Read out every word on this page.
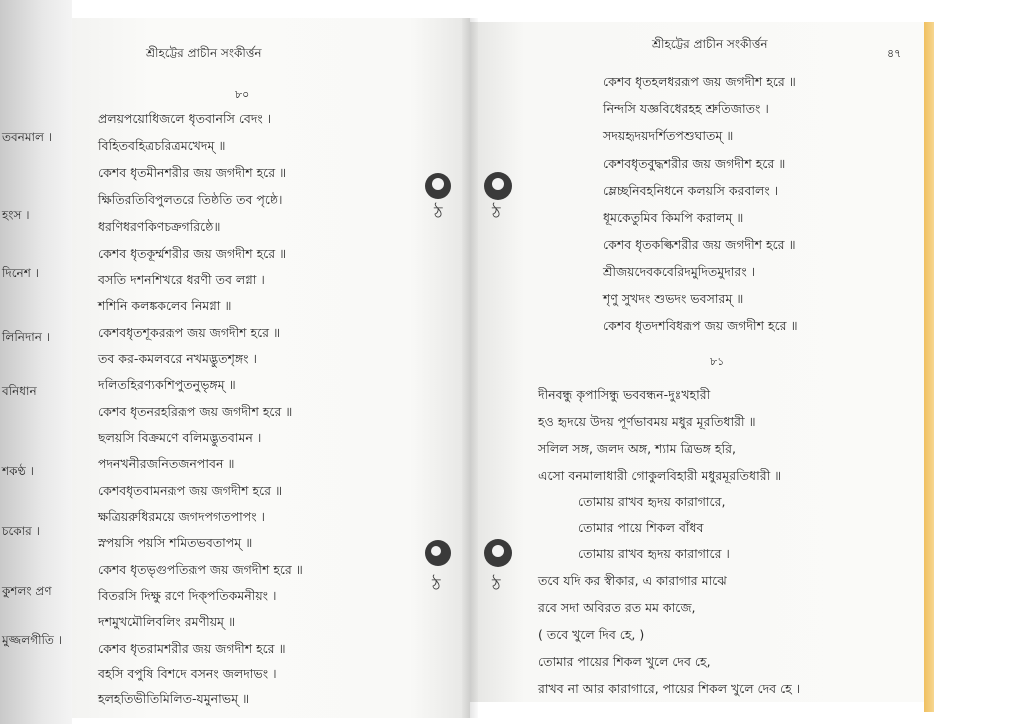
তবনমাল ।
হংস ।
দিনেশ ।
লিনিদান ।
বনিধান
শকণ্ঠ ।
চকোর ।
কুশলং প্রণ
মুজ্জলগীতি ।
শ্রীহট্টের প্রাচীন সংকীর্ত্তন
৮০
প্রলয়পয়োধিজলে ধৃতবানসি বেদং ।
বিহিতবহিত্রচরিত্রমখেদম্ ॥
কেশব ধৃতমীনশরীর জয় জগদীশ হরে ॥
ক্ষিতিরতিবিপুলতরে তিষ্ঠতি তব পৃষ্ঠে।
ধরণিধরণকিণচক্রগরিষ্ঠে॥
কেশব ধৃতকূর্ম্মশরীর জয় জগদীশ হরে ॥
বসতি দশনশিখরে ধরণী তব লগ্না ।
শশিনি কলঙ্ককলেব নিমগ্না ॥
কেশবধৃতশূকররূপ জয় জগদীশ হরে ॥
তব কর-কমলবরে নখমদ্ভুতশৃঙ্গং ।
দলিতহিরণ্যকশিপুতনুভৃঙ্গম্ ॥
কেশব ধৃতনরহরিরূপ জয় জগদীশ হরে ॥
ছলয়সি বিক্রমণে বলিমদ্ভুতবামন ।
পদনখনীরজনিতজনপাবন ॥
কেশবধৃতবামনরূপ জয় জগদীশ হরে ॥
ক্ষত্রিয়রুধিরময়ে জগদপগতপাপং ।
স্নপয়সি পয়সি শমিতভবতাপম্ ॥
কেশব ধৃতভৃগুপতিরূপ জয় জগদীশ হরে ॥
বিতরসি দিক্ষু রণে দিক্‌পতিকমনীয়ং ।
দশমুখমৌলিবলিং রমণীয়ম্ ॥
কেশব ধৃতরামশরীর জয় জগদীশ হরে ॥
বহসি বপুষি বিশদে বসনং জলদাভং ।
হলহতিভীতিমিলিত-যমুনাভম্ ॥
ঠ	ঠ
ঠ	ঠ
শ্রীহট্টের প্রাচীন সংকীর্ত্তন
৪৭
কেশব ধৃতহলধররূপ জয় জগদীশ হরে ॥
নিন্দসি যজ্ঞবিধেরহহ শ্রুতিজাতং ।
সদয়হৃদয়দর্শিতপশুঘাতম্ ॥
কেশবধৃতবুদ্ধশরীর জয় জগদীশ হরে ॥
ম্লেচ্ছনিবহনিধনে কলয়সি করবালং ।
ধূমকেতুমিব কিমপি করালম্ ॥
কেশব ধৃতকল্কিশরীর জয় জগদীশ হরে ॥
শ্রীজয়দেবকবেরিদমুদিতমুদারং ।
শৃণু সুখদং শুভদং ভবসারম্ ॥
কেশব ধৃতদশবিধরূপ জয় জগদীশ হরে ॥
৮১
দীনবন্ধু কৃপাসিন্ধু ভববন্ধন-দুঃখহারী
হও হৃদয়ে উদয় পূর্ণভাবময় মধুর মূরতিধারী ॥
সলিল সঙ্গ, জলদ অঙ্গ, শ্যাম ত্রিভঙ্গ হরি,
এসো বনমালাধারী গোকুলবিহারী মধুরমূরতিধারী ॥
তোমায় রাখব হৃদয় কারাগারে,
তোমার পায়ে শিকল বাঁধব
তোমায় রাখব হৃদয় কারাগারে ।
তবে যদি কর স্বীকার, এ কারাগার মাঝে
রবে সদা অবিরত রত মম কাজে,
( তবে খুলে দিব হে, )
তোমার পায়ের শিকল খুলে দেব হে,
রাখব না আর কারাগারে, পায়ের শিকল খুলে দেব হে ।
